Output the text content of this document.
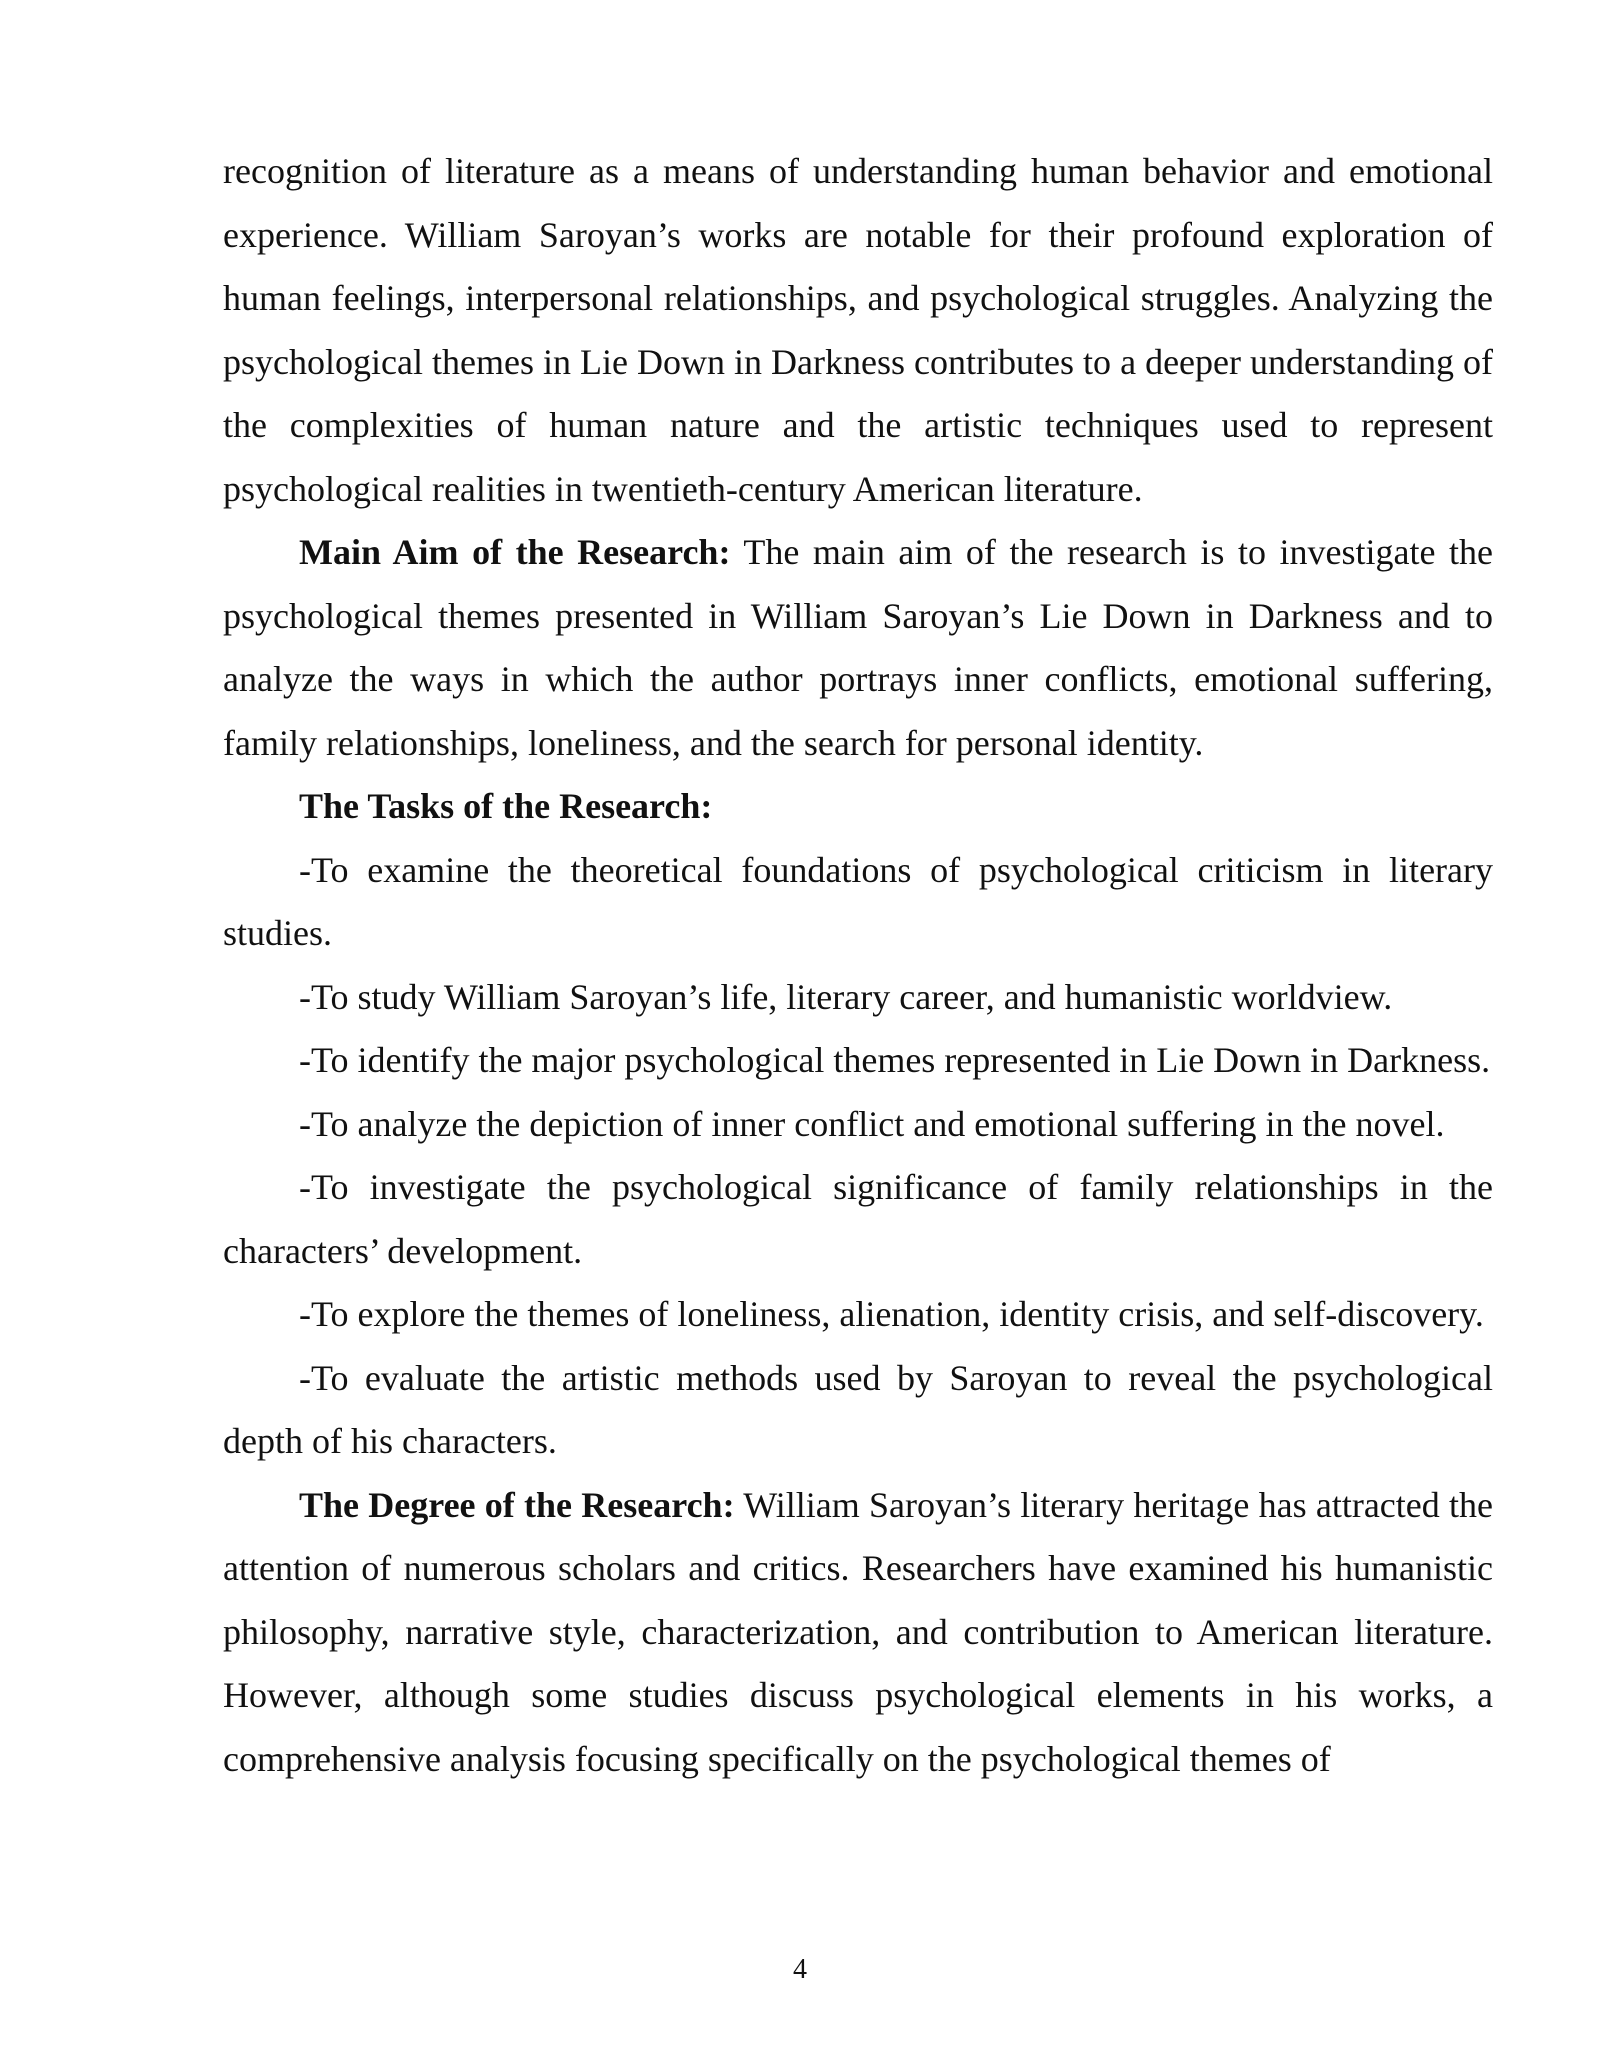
recognition of literature as a means of understanding human behavior and emotional experience. William Saroyan’s works are notable for their profound exploration of human feelings, interpersonal relationships, and psychological struggles. Analyzing the psychological themes in Lie Down in Darkness contributes to a deeper understanding of the complexities of human nature and the artistic techniques used to represent psychological realities in twentieth-century American literature.

Main Aim of the Research: The main aim of the research is to investigate the psychological themes presented in William Saroyan’s Lie Down in Darkness and to analyze the ways in which the author portrays inner conflicts, emotional suffering, family relationships, loneliness, and the search for personal identity.

The Tasks of the Research:

-To examine the theoretical foundations of psychological criticism in literary studies.

-To study William Saroyan’s life, literary career, and humanistic worldview.

-To identify the major psychological themes represented in Lie Down in Darkness.

-To analyze the depiction of inner conflict and emotional suffering in the novel.

-To investigate the psychological significance of family relationships in the characters’ development.

-To explore the themes of loneliness, alienation, identity crisis, and self-discovery.

-To evaluate the artistic methods used by Saroyan to reveal the psychological depth of his characters.

The Degree of the Research: William Saroyan’s literary heritage has attracted the attention of numerous scholars and critics. Researchers have examined his humanistic philosophy, narrative style, characterization, and contribution to American literature. However, although some studies discuss psychological elements in his works, a comprehensive analysis focusing specifically on the psychological themes of

4
